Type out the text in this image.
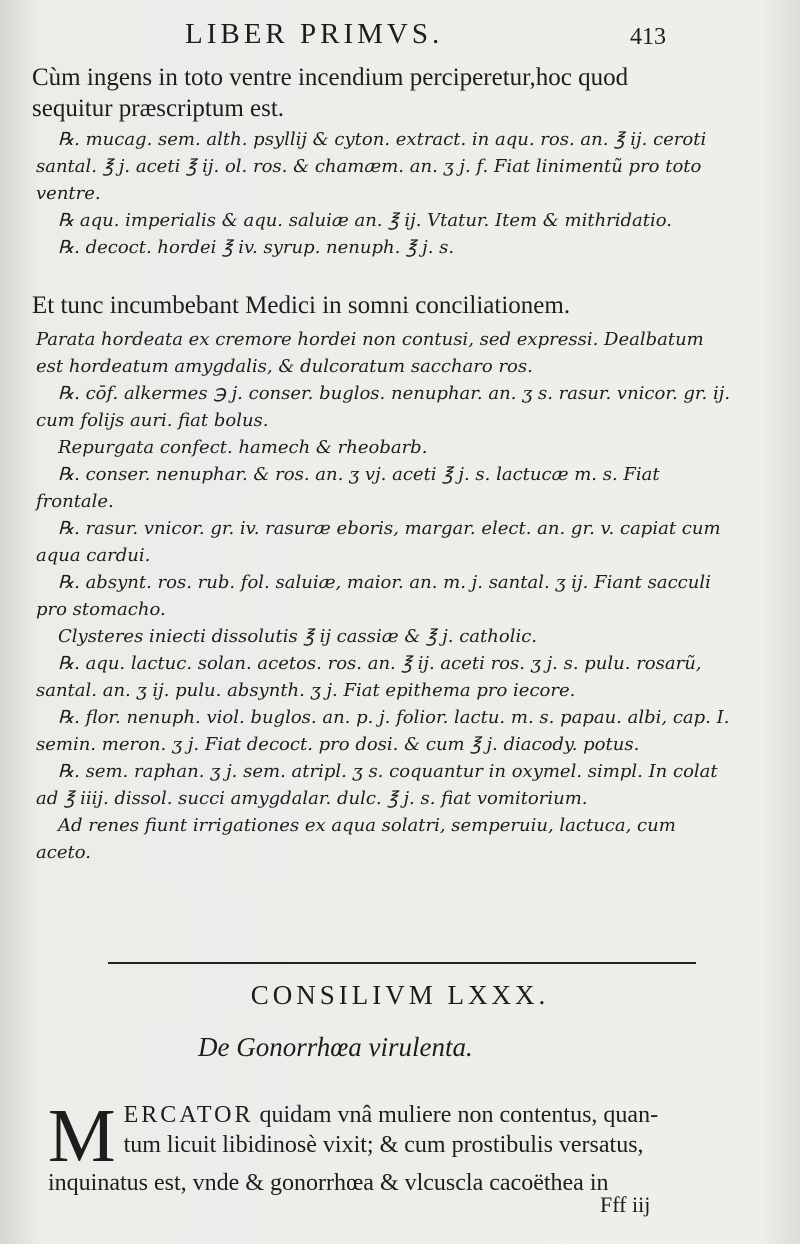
LIBER PRIMVS.	413

Cùm ingens in toto ventre incendium perciperetur,hoc quod

sequitur præscriptum est.

℞. mucag. sem. alth. psyllij & cyton. extract. in aqu. ros. an. ℥ ij. ceroti santal. ℥ j. aceti ℥ ij. ol. ros. & chamæm. an. ʒ j. f. Fiat linimentũ pro toto ventre.

℞ aqu. imperialis & aqu. saluiæ an. ℥ ij. Vtatur. Item & mithridatio.

℞. decoct. hordei ℥ iv. syrup. nenuph. ℥ j. s.

Et tunc incumbebant Medici in somni conciliationem.

Parata hordeata ex cremore hordei non contusi, sed expressi. Dealbatum est hordeatum amygdalis, & dulcoratum saccharo ros.

℞. cōf. alkermes ℈ j. conser. buglos. nenuphar. an. ʒ s. rasur. vnicor. gr. ij. cum folijs auri. fiat bolus.

Repurgata confect. hamech & rheobarb.

℞. conser. nenuphar. & ros. an. ʒ vj. aceti ℥ j. s. lactucæ m. s. Fiat frontale.

℞. rasur. vnicor. gr. iv. rasuræ eboris, margar. elect. an. gr. v. capiat cum aqua cardui.

℞. absynt. ros. rub. fol. saluiæ, maior. an. m. j. santal. ʒ ij. Fiant sacculi pro stomacho.

Clysteres iniecti dissolutis ℥ ij cassiæ & ℥ j. catholic.

℞. aqu. lactuc. solan. acetos. ros. an. ℥ ij. aceti ros. ʒ j. s. pulu. rosarũ, santal. an. ʒ ij. pulu. absynth. ʒ j. Fiat epithema pro iecore.

℞. flor. nenuph. viol. buglos. an. p. j. folior. lactu. m. s. papau. albi, cap. I. semin. meron. ʒ j. Fiat decoct. pro dosi. & cum ℥ j. diacody. potus.

℞. sem. raphan. ʒ j. sem. atripl. ʒ s. coquantur in oxymel. simpl. In colat ad ℥ iiij. dissol. succi amygdalar. dulc. ℥ j. s. fiat vomitorium.

Ad renes fiunt irrigationes ex aqua solatri, semperuiu, lactuca, cum aceto.

CONSILIVM LXXX.
De Gonorrhœa virulenta.
M ERCATOR quidam vnâ muliere non contentus, quan-

tum licuit libidinosè vixit; & cum prostibulis versatus,

inquinatus est, vnde & gonorrhœa & vlcuscla cacoëthea in

Fff iij
